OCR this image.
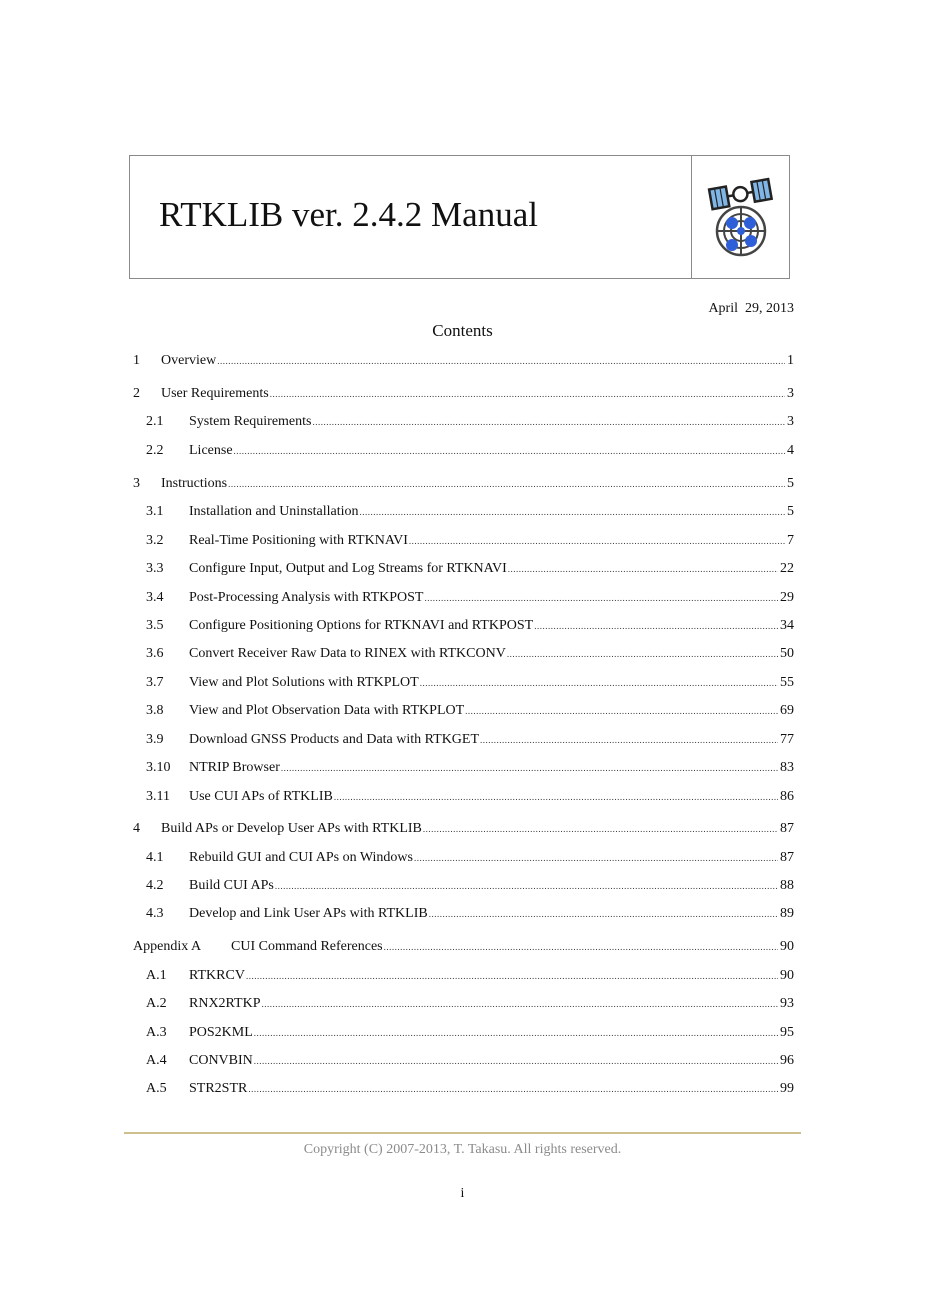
RTKLIB ver. 2.4.2 Manual
April  29, 2013
Contents
1	Overview .....	1
2	User Requirements .....	3
2.1	System Requirements .....	3
2.2	License .....	4
3	Instructions .....	5
3.1	Installation and Uninstallation .....	5
3.2	Real-Time Positioning with RTKNAVI .....	7
3.3	Configure Input, Output and Log Streams for RTKNAVI .....	22
3.4	Post-Processing Analysis with RTKPOST .....	29
3.5	Configure Positioning Options for RTKNAVI and RTKPOST .....	34
3.6	Convert Receiver Raw Data to RINEX with RTKCONV .....	50
3.7	View and Plot Solutions with RTKPLOT .....	55
3.8	View and Plot Observation Data with RTKPLOT .....	69
3.9	Download GNSS Products and Data with RTKGET .....	77
3.10	NTRIP Browser .....	83
3.11	Use CUI APs of RTKLIB .....	86
4	Build APs or Develop User APs with RTKLIB .....	87
4.1	Rebuild GUI and CUI APs on Windows .....	87
4.2	Build CUI APs .....	88
4.3	Develop and Link User APs with RTKLIB .....	89
Appendix A	CUI Command References .....	90
A.1	RTKRCV .....	90
A.2	RNX2RTKP .....	93
A.3	POS2KML .....	95
A.4	CONVBIN .....	96
A.5	STR2STR .....	99
Copyright (C) 2007-2013, T. Takasu. All rights reserved.
i
